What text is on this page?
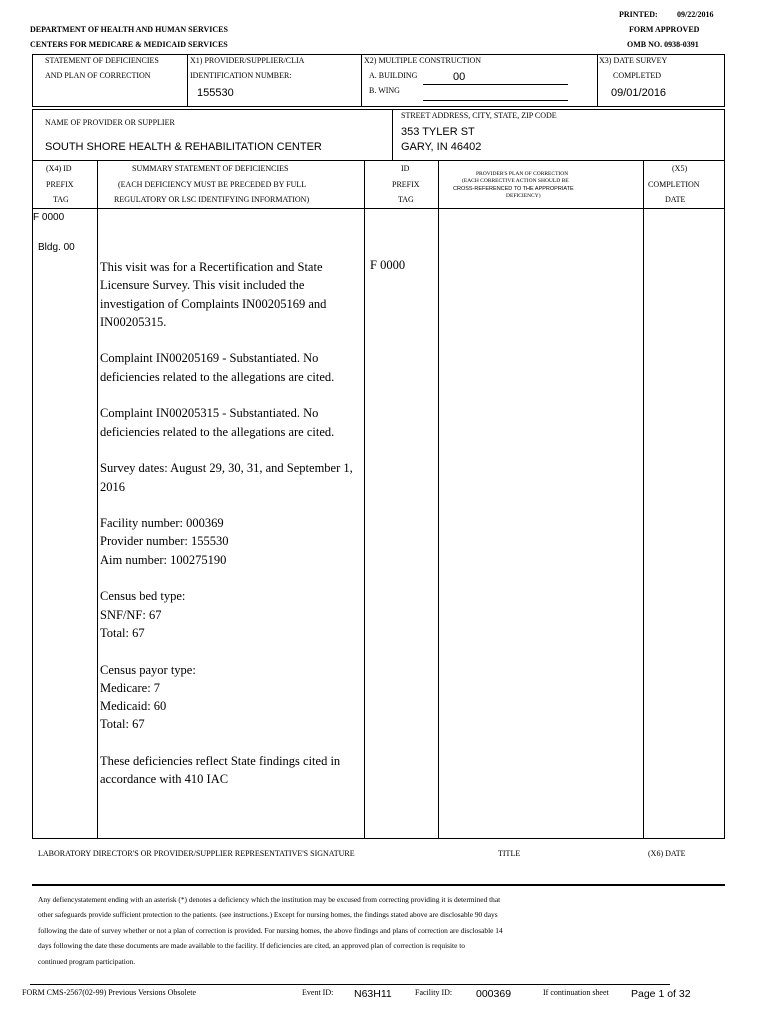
PRINTED: 09/22/2016
FORM APPROVED
OMB NO. 0938-0391
DEPARTMENT OF HEALTH AND HUMAN SERVICES
CENTERS FOR MEDICARE & MEDICAID SERVICES
STATEMENT OF DEFICIENCIES
AND PLAN OF CORRECTION
X1) PROVIDER/SUPPLIER/CLIA
IDENTIFICATION NUMBER:
155530
X2) MULTIPLE CONSTRUCTION
A. BUILDING	00
B. WING
X3) DATE SURVEY
COMPLETED
09/01/2016
NAME OF PROVIDER OR SUPPLIER
SOUTH SHORE HEALTH & REHABILITATION CENTER
STREET ADDRESS, CITY, STATE, ZIP CODE
353 TYLER ST
GARY, IN 46402
(X4) ID
PREFIX
TAG
SUMMARY STATEMENT OF DEFICIENCIES
(EACH DEFICIENCY MUST BE PRECEDED BY FULL
REGULATORY OR LSC IDENTIFYING INFORMATION)
ID
PREFIX
TAG
PROVIDER'S PLAN OF CORRECTION
(EACH CORRECTIVE ACTION SHOULD BE
CROSS-REFERENCED TO THE APPROPRIATE
DEFICIENCY)
(X5)
COMPLETION
DATE
F 0000
Bldg. 00
F 0000

This visit was for a Recertification and State Licensure Survey. This visit included the investigation of Complaints IN00205169 and IN00205315.

Complaint IN00205169 - Substantiated. No deficiencies related to the allegations are cited.

Complaint IN00205315 - Substantiated. No deficiencies related to the allegations are cited.

Survey dates: August 29, 30, 31, and September 1, 2016

Facility number: 000369
Provider number: 155530
Aim number: 100275190

Census bed type:
SNF/NF: 67
Total: 67

Census payor type:
Medicare: 7
Medicaid: 60
Total: 67

These deficiencies reflect State findings cited in accordance with 410 IAC

LABORATORY DIRECTOR'S OR PROVIDER/SUPPLIER REPRESENTATIVE'S SIGNATURE	TITLE	(X6) DATE
Any defiencystatement ending with an asterisk (*) denotes a deficiency which the institution may be excused from correcting providing it is determined that
other safeguards provide sufficient protection to the patients. (see instructions.) Except for nursing homes, the findings stated above are disclosable 90 days
following the date of survey whether or not a plan of correction is provided. For nursing homes, the above findings and plans of correction are disclosable 14
days following the date these documents are made available to the facility. If deficiencies are cited, an approved plan of correction is requisite to
continued program participation.
FORM CMS-2567(02-99) Previous Versions Obsolete	Event ID: N63H11	Facility ID: 000369	If continuation sheet Page 1 of 32
